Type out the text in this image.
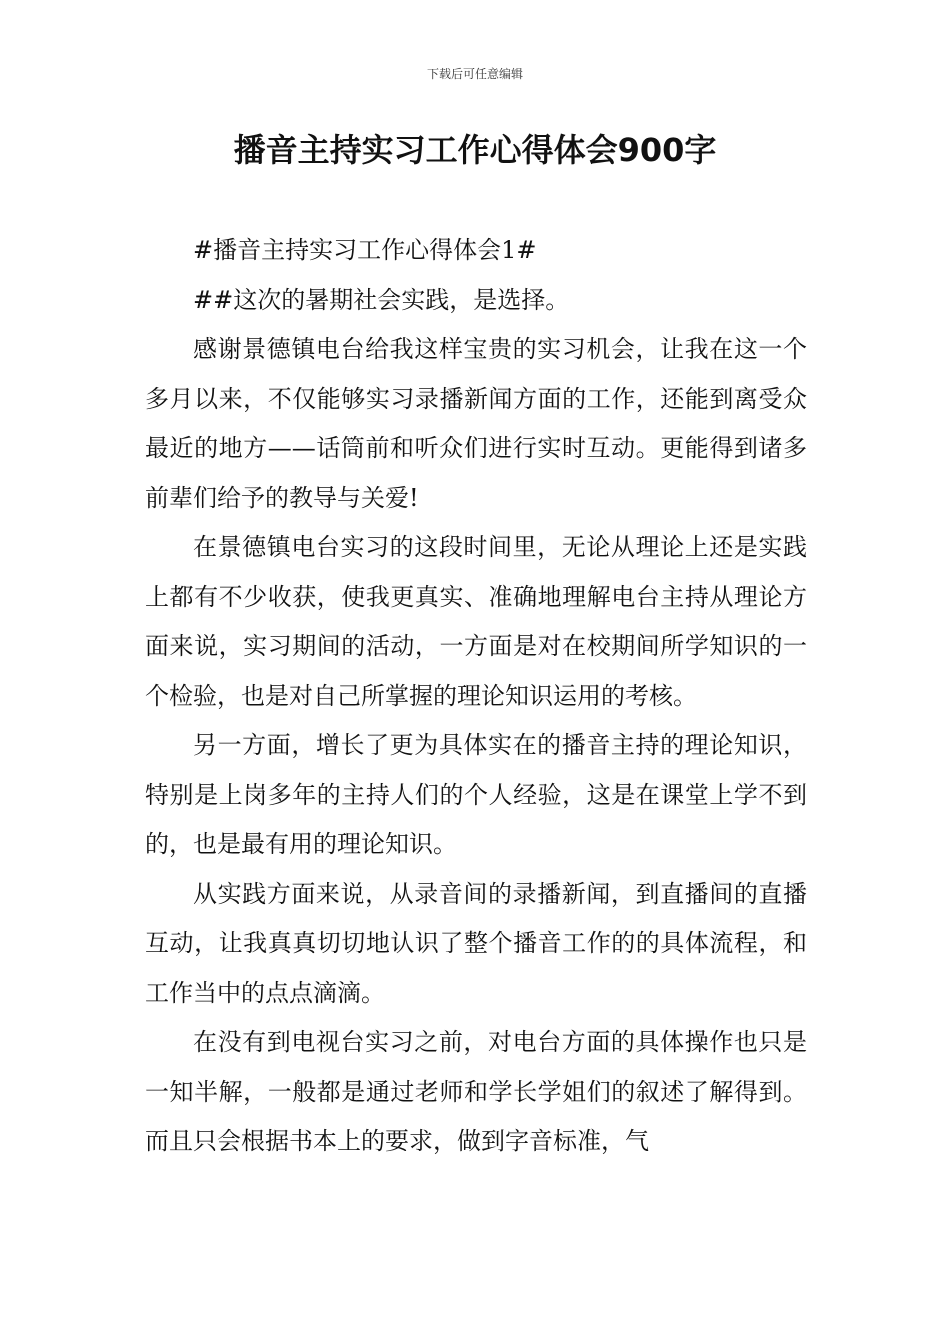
下载后可任意编辑
播音主持实习工作心得体会900字

#播音主持实习工作心得体会1#

##这次的暑期社会实践，是选择。

感谢景德镇电台给我这样宝贵的实习机会，让我在这一个多月以来，不仅能够实习录播新闻方面的工作，还能到离受众最近的地方——话筒前和听众们进行实时互动。更能得到诸多前辈们给予的教导与关爱!

在景德镇电台实习的这段时间里，无论从理论上还是实践上都有不少收获，使我更真实、准确地理解电台主持从理论方面来说，实习期间的活动，一方面是对在校期间所学知识的一个检验，也是对自己所掌握的理论知识运用的考核。

另一方面，增长了更为具体实在的播音主持的理论知识，特别是上岗多年的主持人们的个人经验，这是在课堂上学不到的，也是最有用的理论知识。

从实践方面来说，从录音间的录播新闻，到直播间的直播互动，让我真真切切地认识了整个播音工作的的具体流程，和工作当中的点点滴滴。

在没有到电视台实习之前，对电台方面的具体操作也只是一知半解，一般都是通过老师和学长学姐们的叙述了解得到。而且只会根据书本上的要求，做到字音标准，气
